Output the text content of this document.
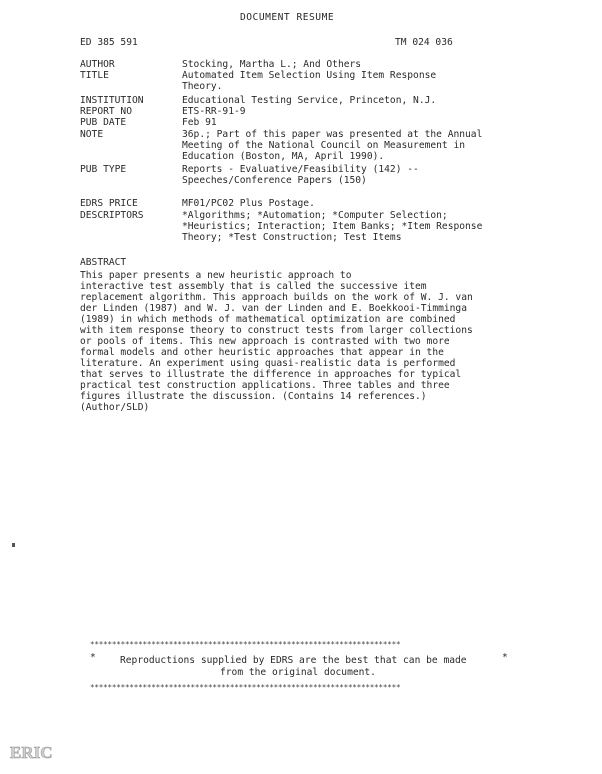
DOCUMENT RESUME
ED 385 591	TM 024 036
AUTHOR	Stocking, Martha L.; And Others
TITLE	Automated Item Selection Using Item Response
Theory.
INSTITUTION	Educational Testing Service, Princeton, N.J.
REPORT NO	ETS-RR-91-9
PUB DATE	Feb 91
NOTE	36p.; Part of this paper was presented at the Annual
Meeting of the National Council on Measurement in
Education (Boston, MA, April 1990).
PUB TYPE	Reports - Evaluative/Feasibility (142) --
Speeches/Conference Papers (150)
EDRS PRICE	MF01/PC02 Plus Postage.
DESCRIPTORS	*Algorithms; *Automation; *Computer Selection;
*Heuristics; Interaction; Item Banks; *Item Response
Theory; *Test Construction; Test Items
ABSTRACT
This paper presents a new heuristic approach to
interactive test assembly that is called the successive item
replacement algorithm. This approach builds on the work of W. J. van
der Linden (1987) and W. J. van der Linden and E. Boekkooi-Timminga
(1989) in which methods of mathematical optimization are combined
with item response theory to construct tests from larger collections
or pools of items. This new approach is contrasted with two more
formal models and other heuristic approaches that appear in the
literature. An experiment using quasi-realistic data is performed
that serves to illustrate the difference in approaches for typical
practical test construction applications. Three tables and three
figures illustrate the discussion. (Contains 14 references.)
(Author/SLD)
***********************************************************************
*	Reproductions supplied by EDRS are the best that can be made	*
from the original document.
***********************************************************************
ERIC
